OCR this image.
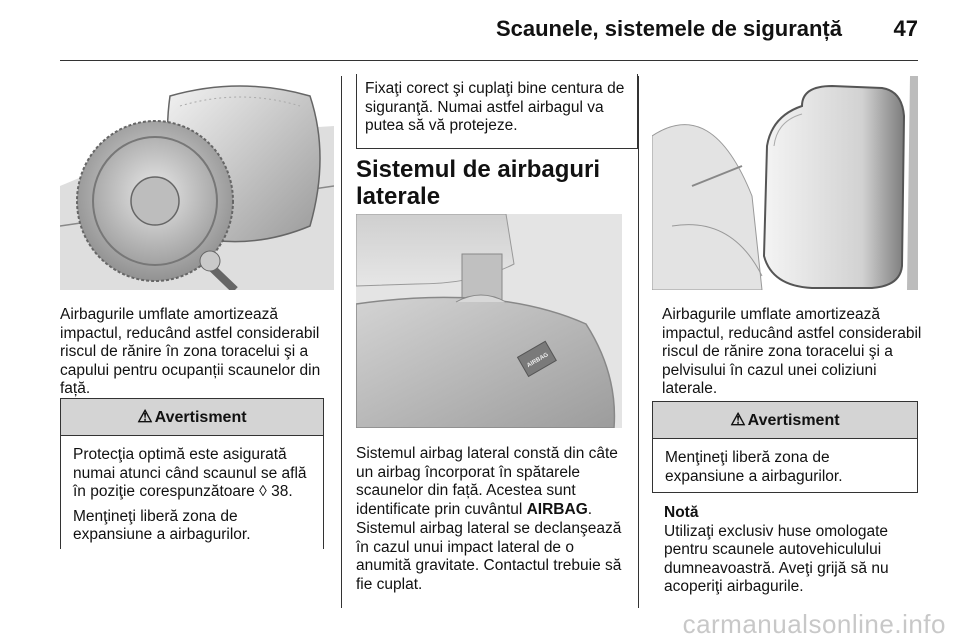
Scaunele, sistemele de siguranță 47

Airbagurile umflate amortizează impactul, reducând astfel considerabil riscul de rănire în zona toracelui şi a capului pentru ocupanții scaunelor din față.

⚠ Avertisment

Protecţia optimă este asigurată numai atunci când scaunul se află în poziţie corespunzătoare ◊ 38.

Menţineţi liberă zona de expansiune a airbagurilor.

Fixaţi corect şi cuplaţi bine centura de siguranţă. Numai astfel airbagul va putea să vă protejeze.
Sistemul de airbaguri laterale
AIRBAG

Sistemul airbag lateral constă din câte un airbag încorporat în spătarele scaunelor din față. Acestea sunt identificate prin cuvântul AIRBAG.

Sistemul airbag lateral se declanşează în cazul unui impact lateral de o anumită gravitate. Contactul trebuie să fie cuplat.

Airbagurile umflate amortizează impactul, reducând astfel considerabil riscul de rănire zona toracelui şi a pelvisului în cazul unei coliziuni laterale.

⚠ Avertisment

Menţineţi liberă zona de expansiune a airbagurilor.

Notă
Utilizaţi exclusiv huse omologate pentru scaunele autovehiculului dumneavoastră. Aveţi grijă să nu acoperiţi airbagurile.
carmanualsonline.info
